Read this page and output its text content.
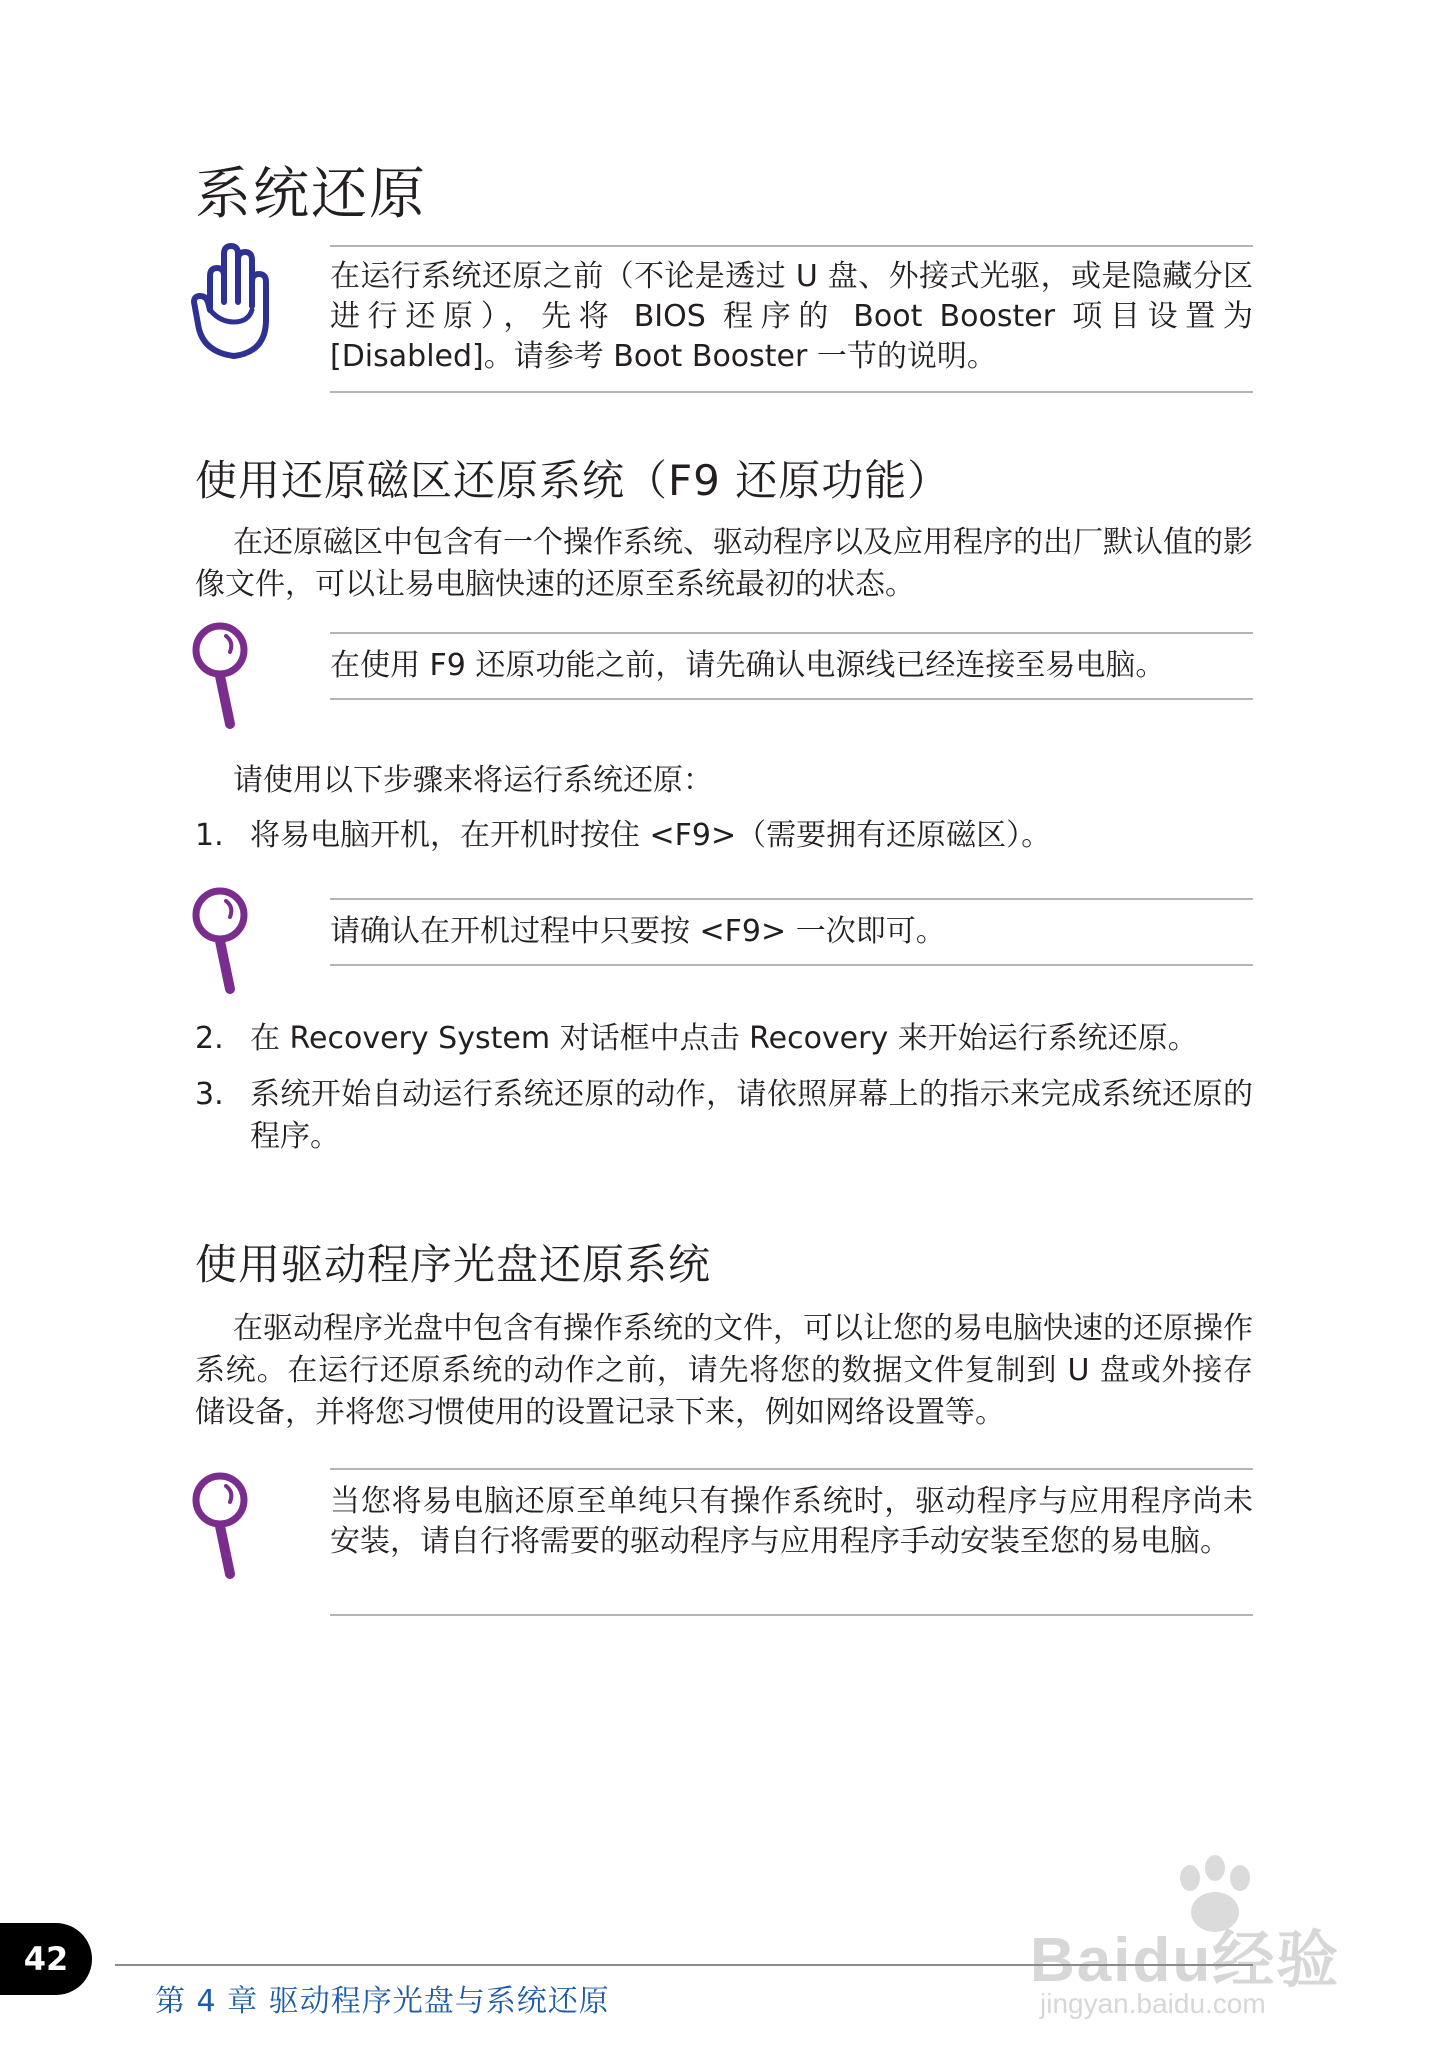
系统还原
在运行系统还原之前（不论是透过 U 盘、外接式光驱，或是隐藏分区进行还原），先将 BIOS 程序的 Boot Booster 项目设置为[Disabled]。请参考 Boot Booster 一节的说明。
使用还原磁区还原系统（F9 还原功能）

在还原磁区中包含有一个操作系统、驱动程序以及应用程序的出厂默认值的影像文件，可以让易电脑快速的还原至系统最初的状态。

在使用 F9 还原功能之前，请先确认电源线已经连接至易电脑。
请使用以下步骤来将运行系统还原：
1. 将易电脑开机，在开机时按住 <F9>（需要拥有还原磁区）。
请确认在开机过程中只要按 <F9> 一次即可。
2. 在 Recovery System 对话框中点击 Recovery 来开始运行系统还原。
3. 系统开始自动运行系统还原的动作，请依照屏幕上的指示来完成系统还原的程序。
使用驱动程序光盘还原系统

在驱动程序光盘中包含有操作系统的文件，可以让您的易电脑快速的还原操作系统。在运行还原系统的动作之前，请先将您的数据文件复制到 U 盘或外接存储设备，并将您习惯使用的设置记录下来，例如网络设置等。

当您将易电脑还原至单纯只有操作系统时，驱动程序与应用程序尚未安装，请自行将需要的驱动程序与应用程序手动安装至您的易电脑。
42
第 4 章 驱动程序光盘与系统还原
Baidu经验
jingyan.baidu.com
